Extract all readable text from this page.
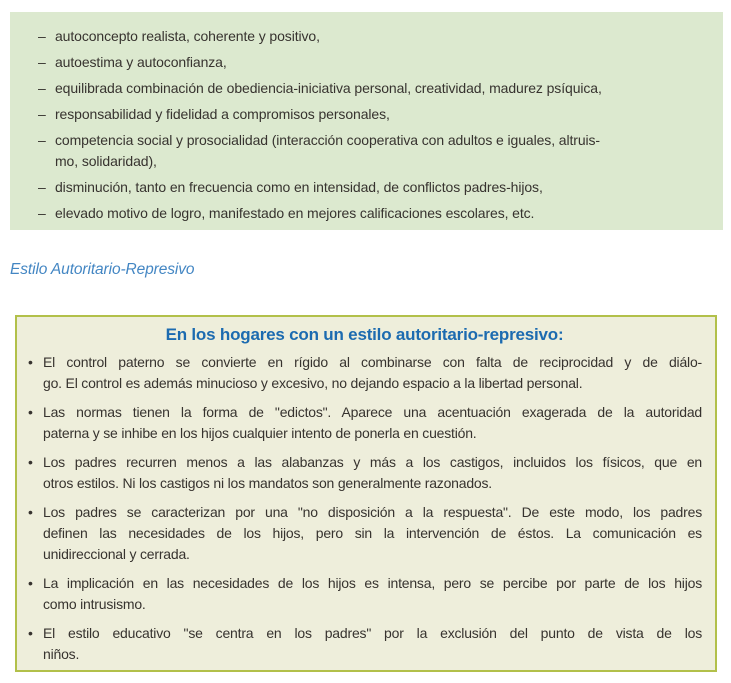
– autoconcepto realista, coherente y positivo,
– autoestima y autoconfianza,
– equilibrada combinación de obediencia-iniciativa personal, creatividad, madurez psíquica,
– responsabilidad y fidelidad a compromisos personales,
– competencia social y prosocialidad (interacción cooperativa con adultos e iguales, altruis-
mo, solidaridad),
– disminución, tanto en frecuencia como en intensidad, de conflictos padres-hijos,
– elevado motivo de logro, manifestado en mejores calificaciones escolares, etc.
Estilo Autoritario-Represivo
En los hogares con un estilo autoritario-represivo:
• El control paterno se convierte en rígido al combinarse con falta de reciprocidad y de diálo-
go. El control es además minucioso y excesivo, no dejando espacio a la libertad personal.
• Las normas tienen la forma de "edictos". Aparece una acentuación exagerada de la autoridad
paterna y se inhibe en los hijos cualquier intento de ponerla en cuestión.
• Los padres recurren menos a las alabanzas y más a los castigos, incluidos los físicos, que en
otros estilos. Ni los castigos ni los mandatos son generalmente razonados.
• Los padres se caracterizan por una "no disposición a la respuesta". De este modo, los padres
definen las necesidades de los hijos, pero sin la intervención de éstos. La comunicación es
unidireccional y cerrada.
• La implicación en las necesidades de los hijos es intensa, pero se percibe por parte de los hijos
como intrusismo.
• El estilo educativo "se centra en los padres" por la exclusión del punto de vista de los
niños.
